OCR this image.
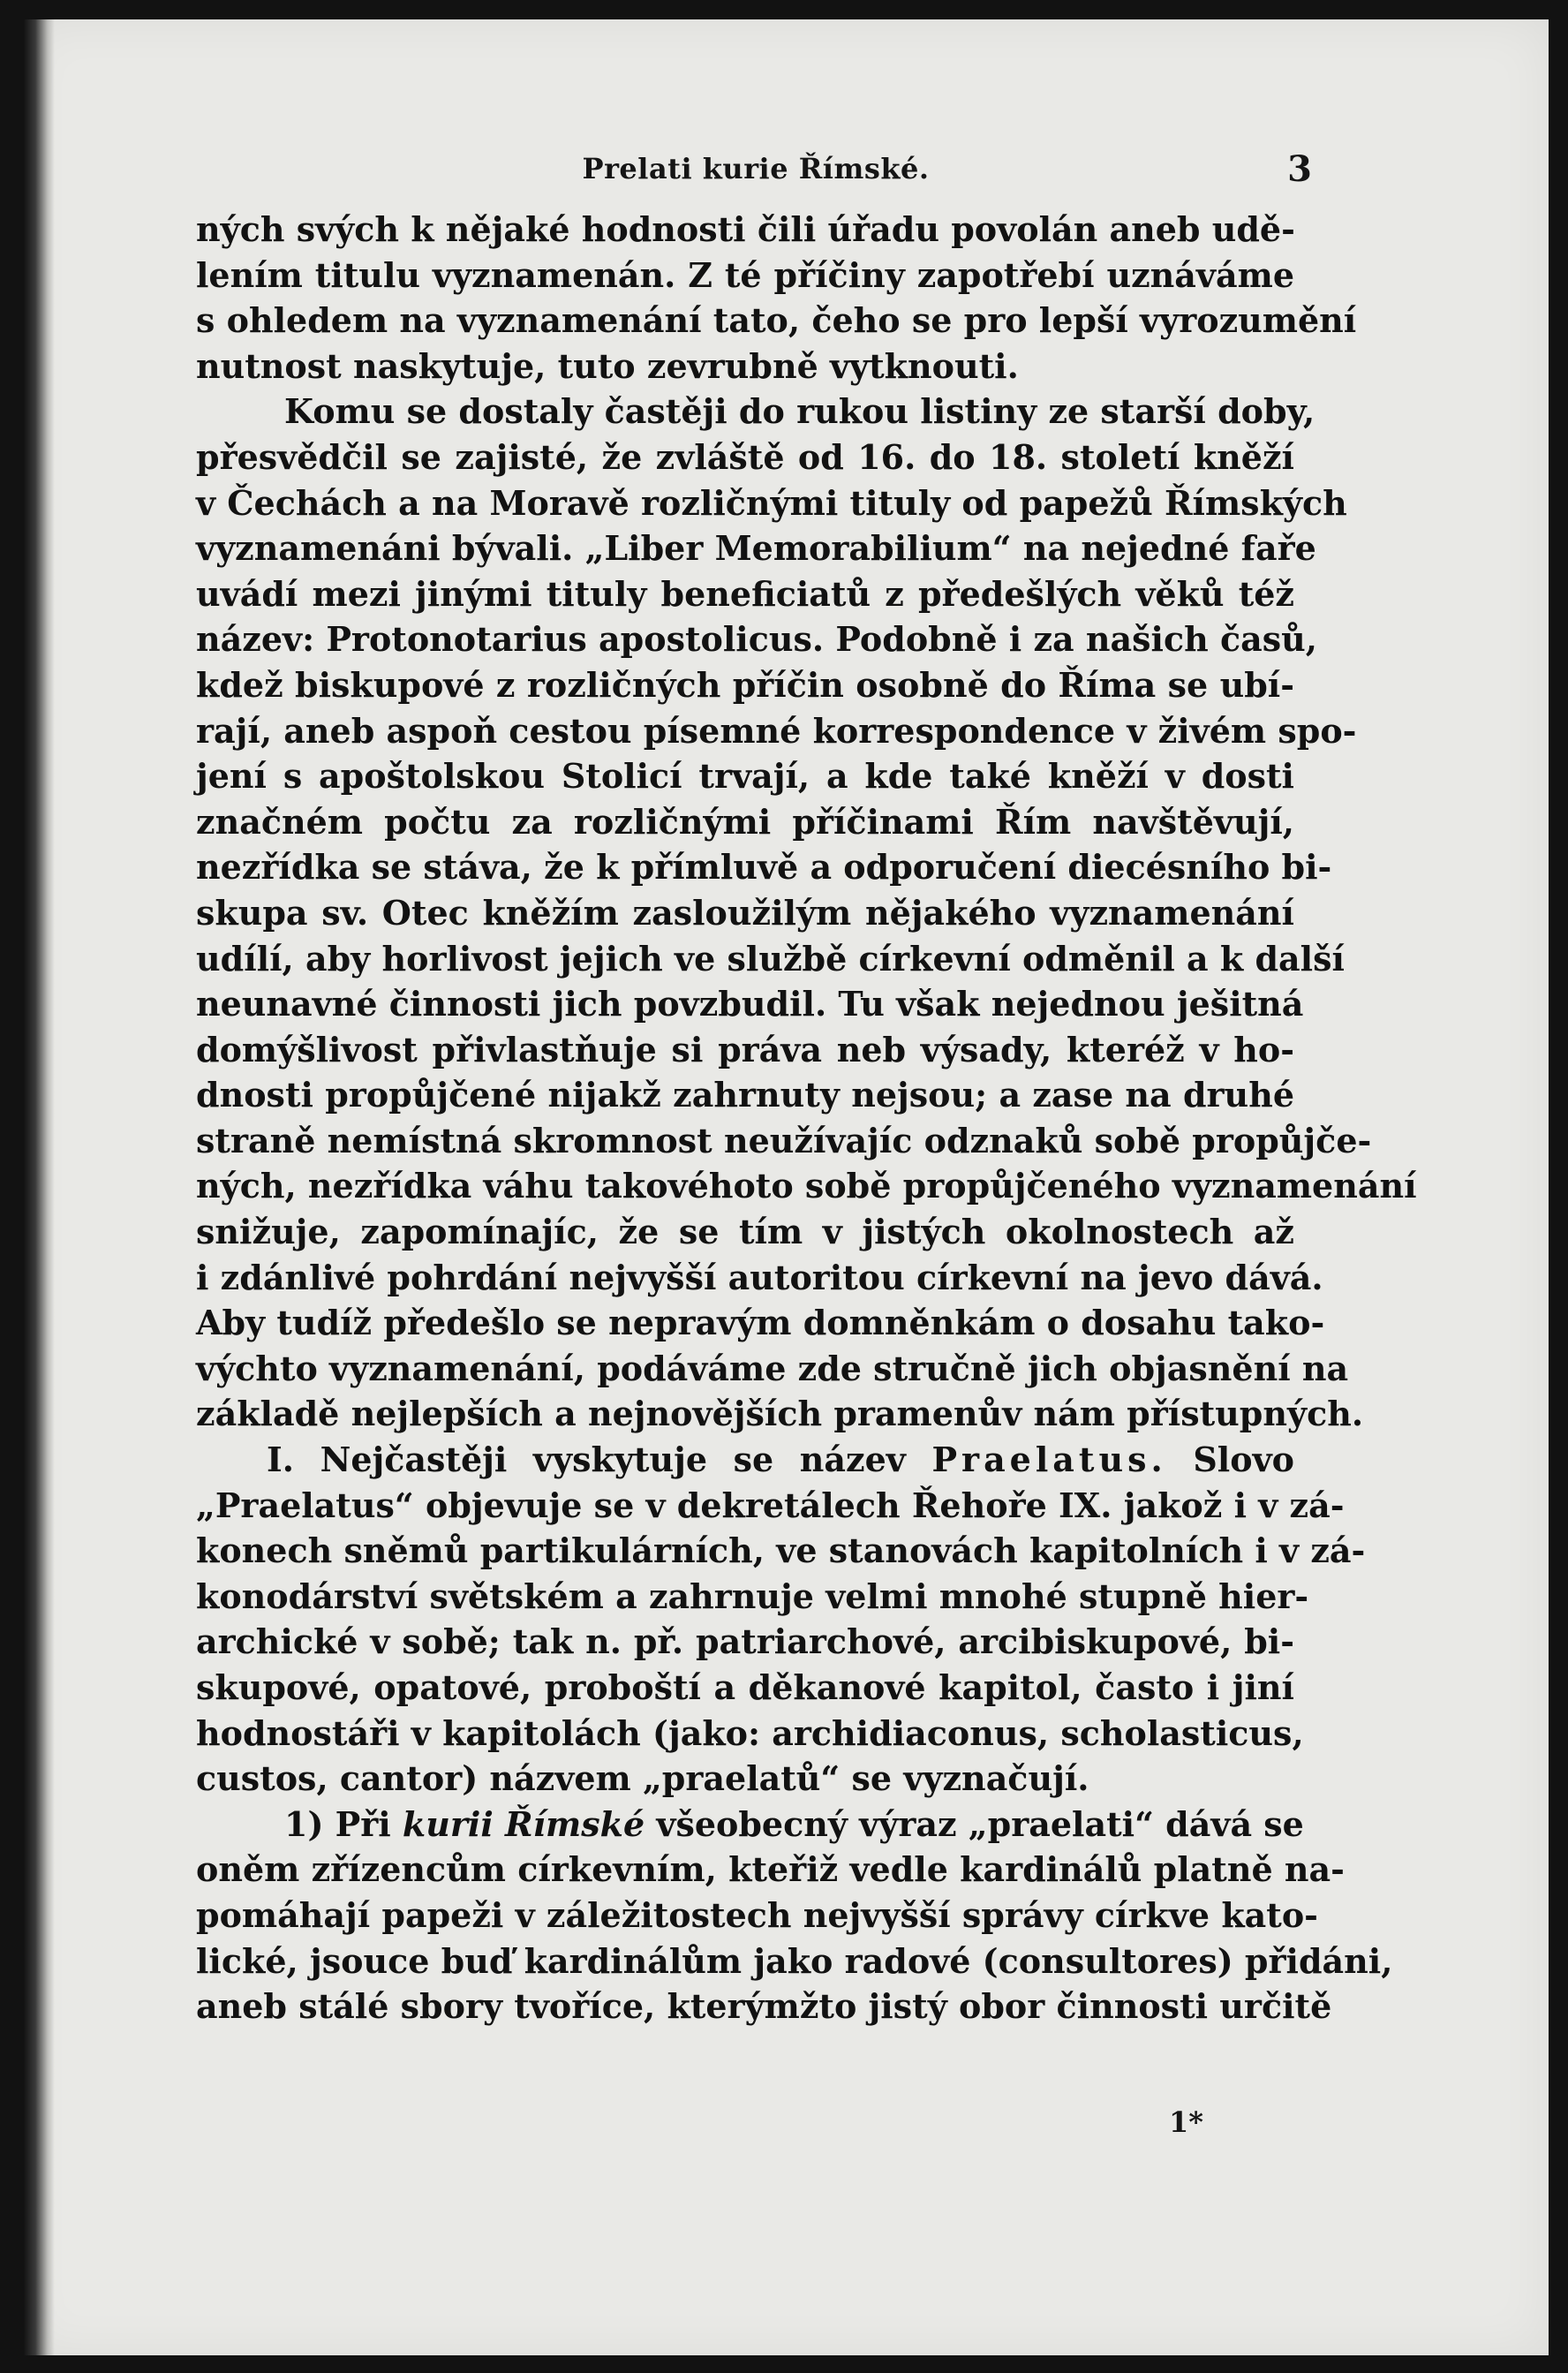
Prelati kurie Římské.	3
ných svých k nějaké hodnosti čili úřadu povolán aneb udě-
lením titulu vyznamenán. Z té příčiny zapotřebí uznáváme
s ohledem na vyznamenání tato, čeho se pro lepší vyrozumění
nutnost naskytuje, tuto zevrubně vytknouti.
Komu se dostaly častěji do rukou listiny ze starší doby,
přesvědčil se zajisté, že zvláště od 16. do 18. století kněží
v Čechách a na Moravě rozličnými tituly od papežů Římských
vyznamenáni bývali. „Liber Memorabilium“ na nejedné faře
uvádí mezi jinými tituly beneficiatů z předešlých věků též
název: Protonotarius apostolicus. Podobně i za našich časů,
kdež biskupové z rozličných příčin osobně do Říma se ubí-
rají, aneb aspoň cestou písemné korrespondence v živém spo-
jení s apoštolskou Stolicí trvají, a kde také kněží v dosti
značném počtu za rozličnými příčinami Řím navštěvují,
nezřídka se stáva, že k přímluvě a odporučení diecésního bi-
skupa sv. Otec kněžím zasloužilým nějakého vyznamenání
udílí, aby horlivost jejich ve službě církevní odměnil a k další
neunavné činnosti jich povzbudil. Tu však nejednou ješitná
domýšlivost přivlastňuje si práva neb výsady, kteréž v ho-
dnosti propůjčené nijakž zahrnuty nejsou; a zase na druhé
straně nemístná skromnost neužívajíc odznaků sobě propůjče-
ných, nezřídka váhu takovéhoto sobě propůjčeného vyznamenání
snižuje, zapomínajíc, že se tím v jistých okolnostech až
i zdánlivé pohrdání nejvyšší autoritou církevní na jevo dává.
Aby tudíž předešlo se nepravým domněnkám o dosahu tako-
výchto vyznamenání, podáváme zde stručně jich objasnění na
základě nejlepších a nejnovějších pramenův nám přístupných.
I. Nejčastěji vyskytuje se název Praelatus. Slovo
„Praelatus“ objevuje se v dekretálech Řehoře IX. jakož i v zá-
konech sněmů partikulárních, ve stanovách kapitolních i v zá-
konodárství světském a zahrnuje velmi mnohé stupně hier-
archické v sobě; tak n. př. patriarchové, arcibiskupové, bi-
skupové, opatové, proboští a děkanové kapitol, často i jiní
hodnostáři v kapitolách (jako: archidiaconus, scholasticus,
custos, cantor) názvem „praelatů“ se vyznačují.
1) Při kurii Římské všeobecný výraz „praelati“ dává se
oněm zřízencům církevním, kteřiž vedle kardinálů platně na-
pomáhají papeži v záležitostech nejvyšší správy církve kato-
lické, jsouce buď kardinálům jako radové (consultores) přidáni,
aneb stálé sbory tvoříce, kterýmžto jistý obor činnosti určitě
1*
